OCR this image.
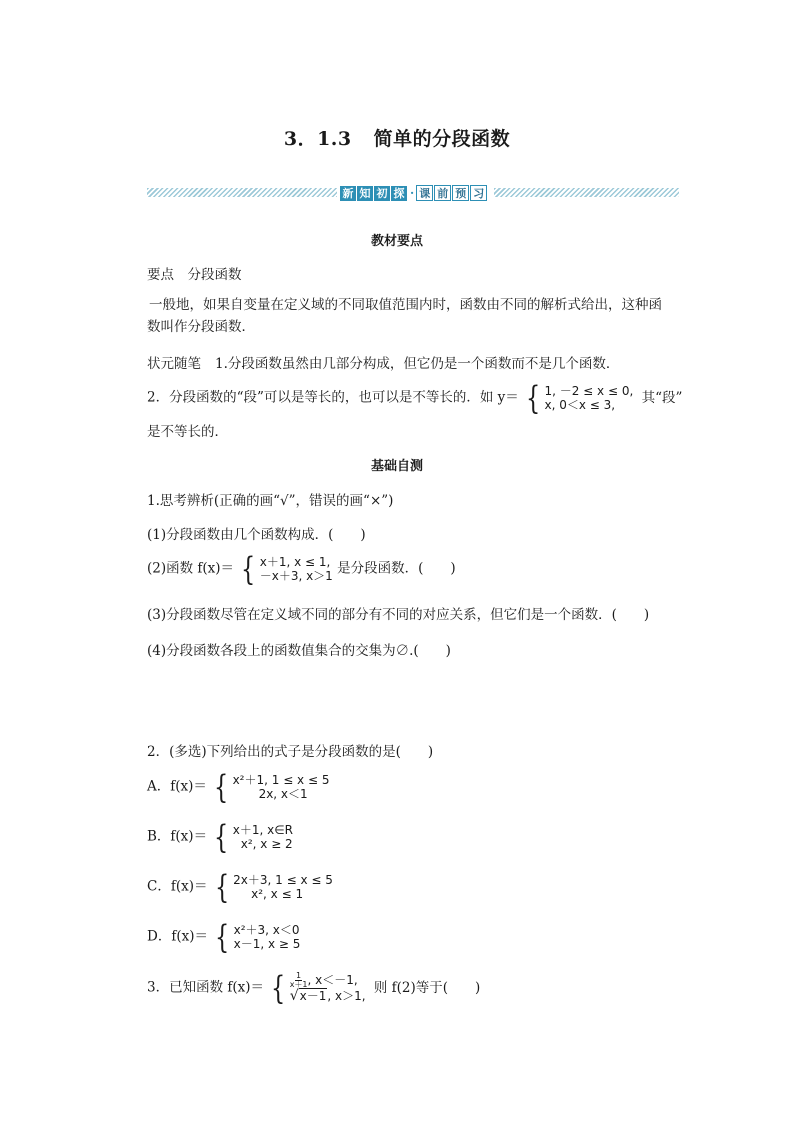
3．1.3 简单的分段函数
新 知 初 探 · 课 前 预 习
教材要点
要点　分段函数
一般地，如果自变量在定义域的不同取值范围内时，函数由不同的解析式给出，这种函数叫作分段函数．
状元随笔 1.分段函数虽然由几部分构成，但它仍是一个函数而不是几个函数．
2．分段函数的“段”可以是等长的，也可以是不等长的．如 y＝ { 1, －2 ≤ x ≤ 0,
x, 0＜x ≤ 3,	其“段”
是不等长的．
基础自测
1.思考辨析(正确的画“√”，错误的画“×”)
(1)分段函数由几个函数构成．(　　)
(2)函数 f(x)＝ { x＋1, x ≤ 1,
－x＋3, x＞1 是分段函数．(　　)
(3)分段函数尽管在定义域不同的部分有不同的对应关系，但它们是一个函数．(　　)
(4)分段函数各段上的函数值集合的交集为∅.(　　)
2．(多选)下列给出的式子是分段函数的是(　　)
A．f(x)＝ { x²＋1, 1 ≤ x ≤ 5
2x, x＜1
B．f(x)＝ { x＋1, x∈R
x², x ≥ 2
C．f(x)＝ { 2x＋3, 1 ≤ x ≤ 5
x², x ≤ 1
D．f(x)＝ { x²＋3, x＜0
x－1, x ≥ 5
3．已知函数 f(x)＝ { $\frac{1}{x+1}$ , x＜－1,
√x－1, x＞1,
则 f(2)等于(　　)
